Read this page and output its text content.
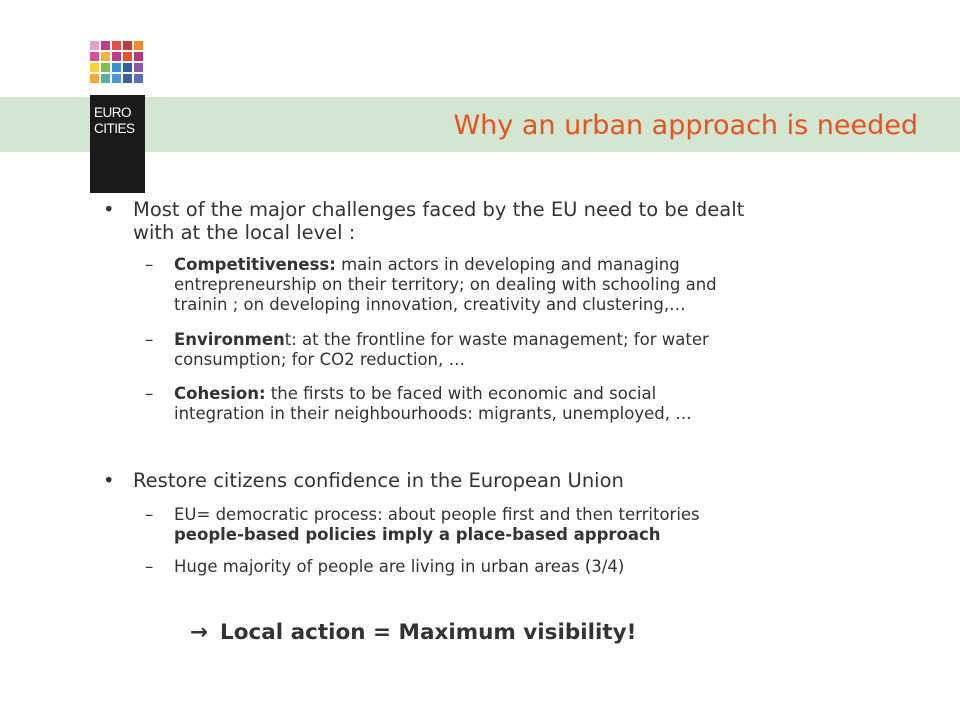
EURO
CITIES	Why an urban approach is needed
• Most of the major challenges faced by the EU need to be dealt
with at the local level :
– Competitiveness: main actors in developing and managing
entrepreneurship on their territory; on dealing with schooling and
trainin ; on developing innovation, creativity and clustering,…
– Environment: at the frontline for waste management; for water
consumption; for CO2 reduction, …
– Cohesion: the firsts to be faced with economic and social
integration in their neighbourhoods: migrants, unemployed, …
• Restore citizens confidence in the European Union
– EU= democratic process: about people first and then territories
people-based policies imply a place-based approach
– Huge majority of people are living in urban areas (3/4)
→ Local action = Maximum visibility!
